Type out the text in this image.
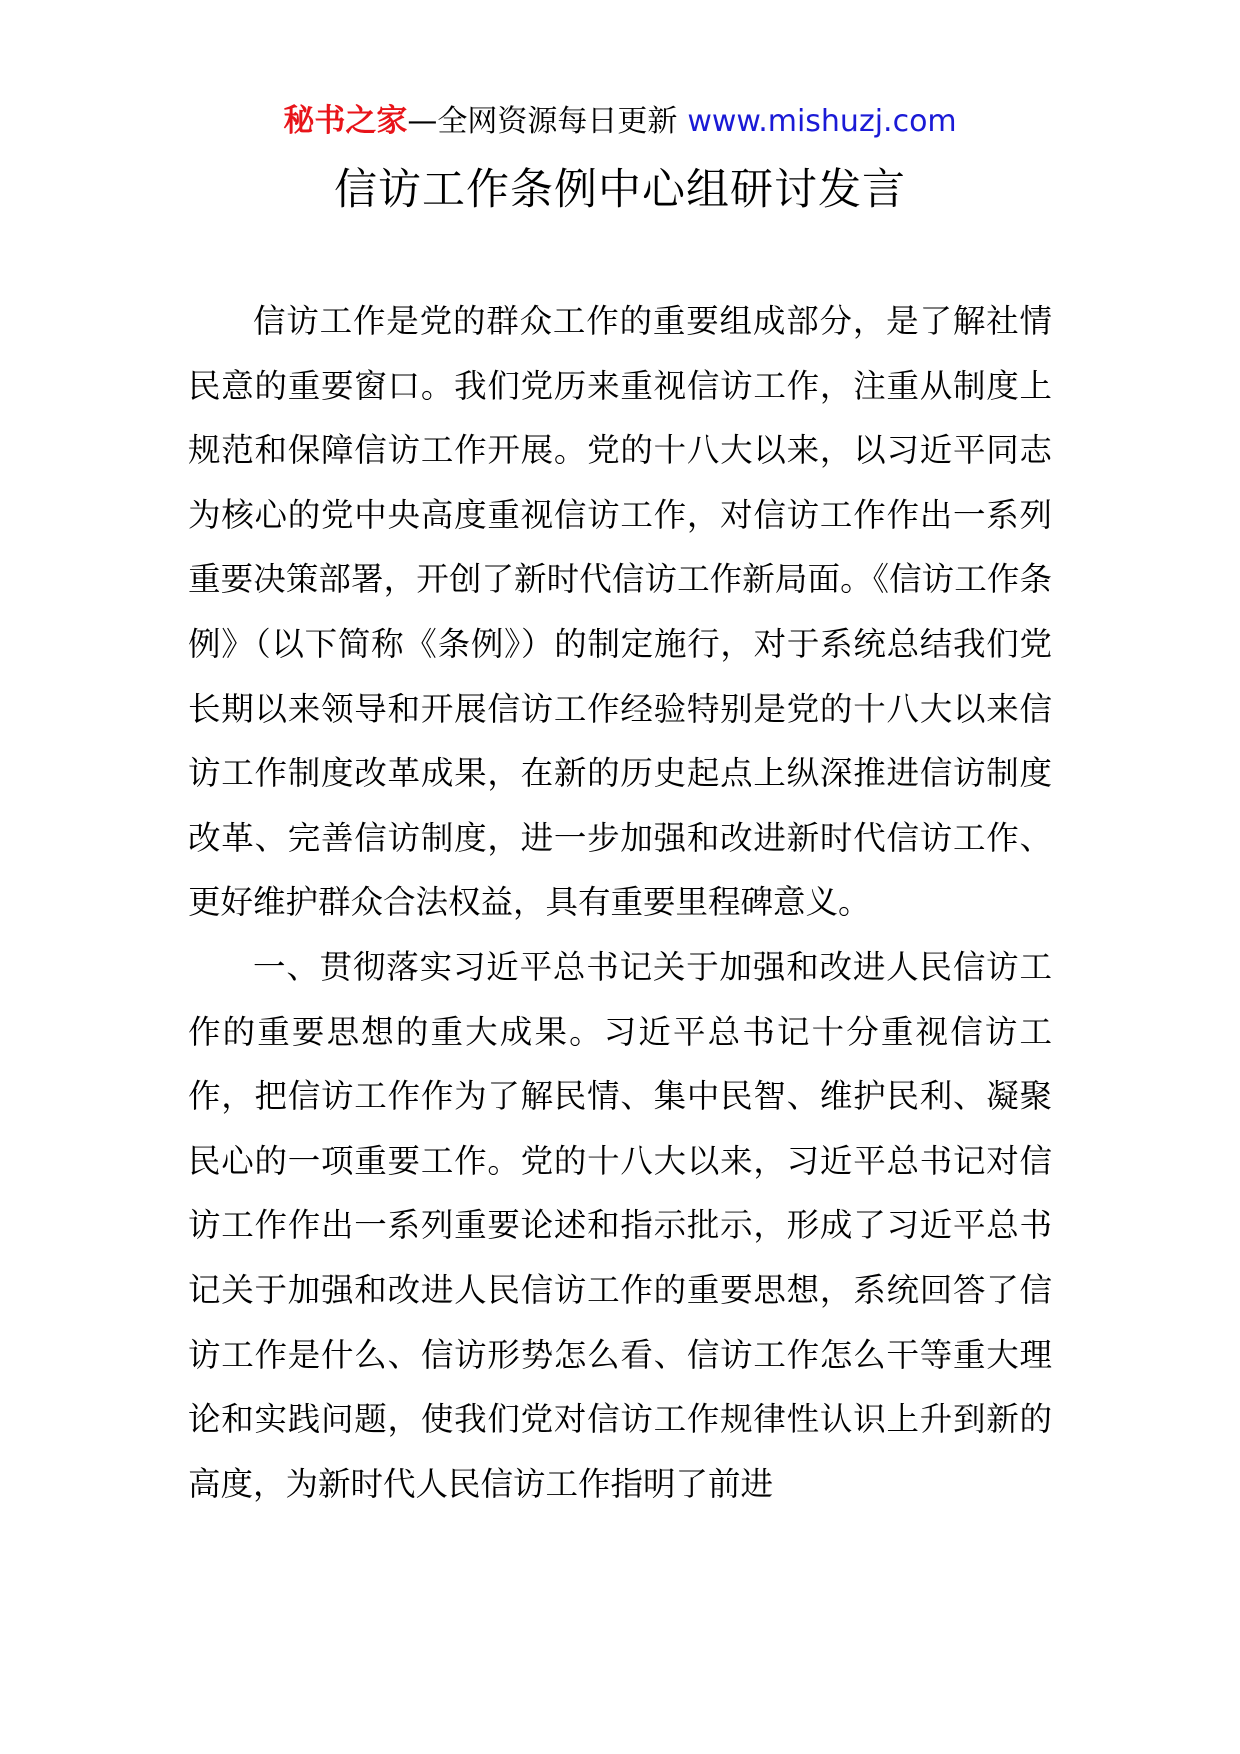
秘书之家—全网资源每日更新 www.mishuzj.com
信访工作条例中心组研讨发言

信访工作是党的群众工作的重要组成部分，是了解社情民意的重要窗口。我们党历来重视信访工作，注重从制度上规范和保障信访工作开展。党的十八大以来，以习近平同志为核心的党中央高度重视信访工作，对信访工作作出一系列重要决策部署，开创了新时代信访工作新局面。《信访工作条例》（以下简称《条例》）的制定施行，对于系统总结我们党长期以来领导和开展信访工作经验特别是党的十八大以来信访工作制度改革成果，在新的历史起点上纵深推进信访制度改革、完善信访制度，进一步加强和改进新时代信访工作、更好维护群众合法权益，具有重要里程碑意义。

一、贯彻落实习近平总书记关于加强和改进人民信访工作的重要思想的重大成果。习近平总书记十分重视信访工作，把信访工作作为了解民情、集中民智、维护民利、凝聚民心的一项重要工作。党的十八大以来，习近平总书记对信访工作作出一系列重要论述和指示批示，形成了习近平总书记关于加强和改进人民信访工作的重要思想，系统回答了信访工作是什么、信访形势怎么看、信访工作怎么干等重大理论和实践问题，使我们党对信访工作规律性认识上升到新的高度，为新时代人民信访工作指明了前进
